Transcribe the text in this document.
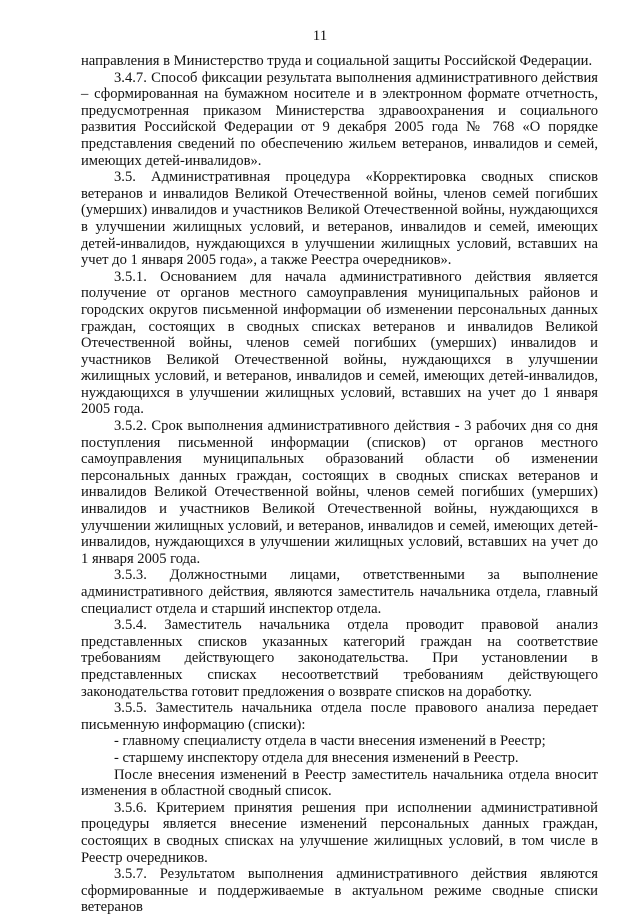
11

направления в Министерство труда и социальной защиты Российской Федерации.

3.4.7. Способ фиксации результата выполнения административного действия – сформированная на бумажном носителе и в электронном формате отчетность, предусмотренная приказом Министерства здравоохранения и социального развития Российской Федерации от 9 декабря 2005 года № 768 «О порядке представления сведений по обеспечению жильем ветеранов, инвалидов и семей, имеющих детей-инвалидов».

3.5. Административная процедура «Корректировка сводных списков ветеранов и инвалидов Великой Отечественной войны, членов семей погибших (умерших) инвалидов и участников Великой Отечественной войны, нуждающихся в улучшении жилищных условий, и ветеранов, инвалидов и семей, имеющих детей-инвалидов, нуждающихся в улучшении жилищных условий, вставших на учет до 1 января 2005 года», а также Реестра очередников».

3.5.1. Основанием для начала административного действия является получение от органов местного самоуправления муниципальных районов и городских округов письменной информации об изменении персональных данных граждан, состоящих в сводных списках ветеранов и инвалидов Великой Отечественной войны, членов семей погибших (умерших) инвалидов и участников Великой Отечественной войны, нуждающихся в улучшении жилищных условий, и ветеранов, инвалидов и семей, имеющих детей-инвалидов, нуждающихся в улучшении жилищных условий, вставших на учет до 1 января 2005 года.

3.5.2. Срок выполнения административного действия - 3 рабочих дня со дня поступления письменной информации (списков) от органов местного самоуправления муниципальных образований области об изменении персональных данных граждан, состоящих в сводных списках ветеранов и инвалидов Великой Отечественной войны, членов семей погибших (умерших) инвалидов и участников Великой Отечественной войны, нуждающихся в улучшении жилищных условий, и ветеранов, инвалидов и семей, имеющих детей-инвалидов, нуждающихся в улучшении жилищных условий, вставших на учет до 1 января 2005 года.

3.5.3. Должностными лицами, ответственными за выполнение административного действия, являются заместитель начальника отдела, главный специалист отдела и старший инспектор отдела.

3.5.4. Заместитель начальника отдела проводит правовой анализ представленных списков указанных категорий граждан на соответствие требованиям действующего законодательства. При установлении в представленных списках несоответствий требованиям действующего законодательства готовит предложения о возврате списков на доработку.

3.5.5. Заместитель начальника отдела после правового анализа передает письменную информацию (списки):

- главному специалисту отдела в части внесения изменений в Реестр;

- старшему инспектору отдела для внесения изменений в Реестр.

После внесения изменений в Реестр заместитель начальника отдела вносит изменения в областной сводный список.

3.5.6. Критерием принятия решения при исполнении административной процедуры является внесение изменений персональных данных граждан, состоящих в сводных списках на улучшение жилищных условий, в том числе в Реестр очередников.

3.5.7. Результатом выполнения административного действия являются сформированные и поддерживаемые в актуальном режиме сводные списки ветеранов
